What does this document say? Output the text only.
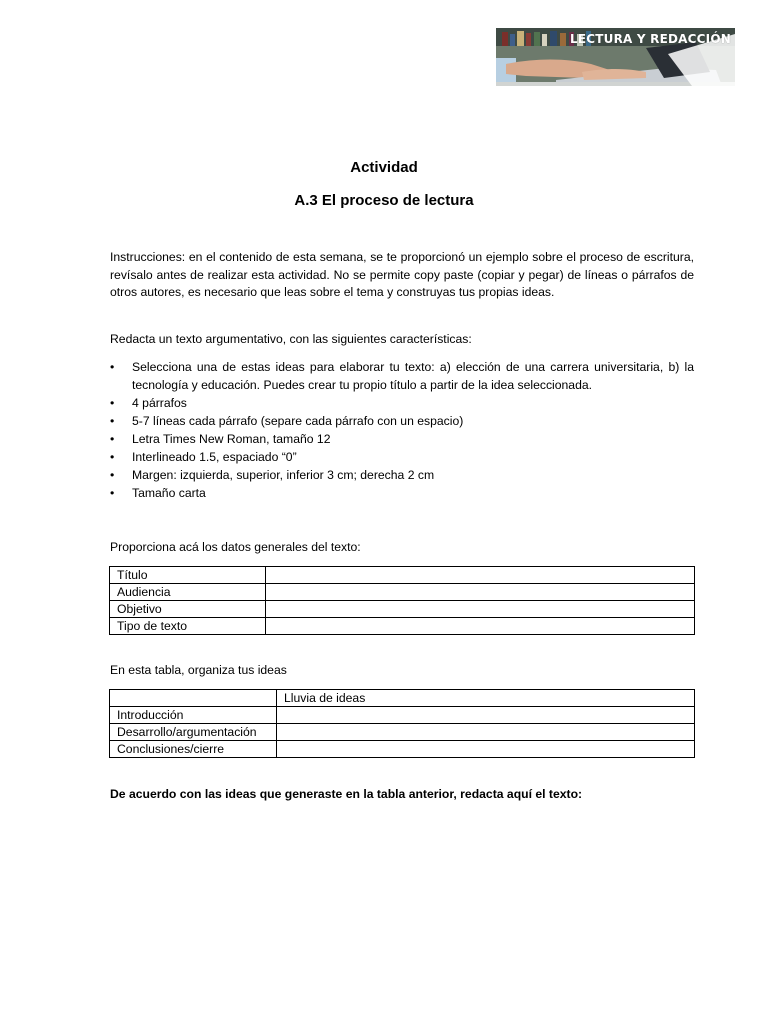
LECTURA Y REDACCIÓN
Actividad
A.3 El proceso de lectura
Instrucciones: en el contenido de esta semana, se te proporcionó un ejemplo sobre el proceso de escritura, revísalo antes de realizar esta actividad. No se permite copy paste (copiar y pegar) de líneas o párrafos de otros autores, es necesario que leas sobre el tema y construyas tus propias ideas.
Redacta un texto argumentativo, con las siguientes características:
• Selecciona una de estas ideas para elaborar tu texto: a) elección de una carrera universitaria, b) la tecnología y educación. Puedes crear tu propio título a partir de la idea seleccionada.
• 4 párrafos
• 5-7 líneas cada párrafo (separe cada párrafo con un espacio)
• Letra Times New Roman, tamaño 12
• Interlineado 1.5, espaciado “0”
• Margen: izquierda, superior, inferior 3 cm; derecha 2 cm
• Tamaño carta
Proporciona acá los datos generales del texto:
Título	
Audiencia	
Objetivo	
Tipo de texto	
En esta tabla, organiza tus ideas
	Lluvia de ideas
Introducción	
Desarrollo/argumentación	
Conclusiones/cierre	
De acuerdo con las ideas que generaste en la tabla anterior, redacta aquí el texto:
